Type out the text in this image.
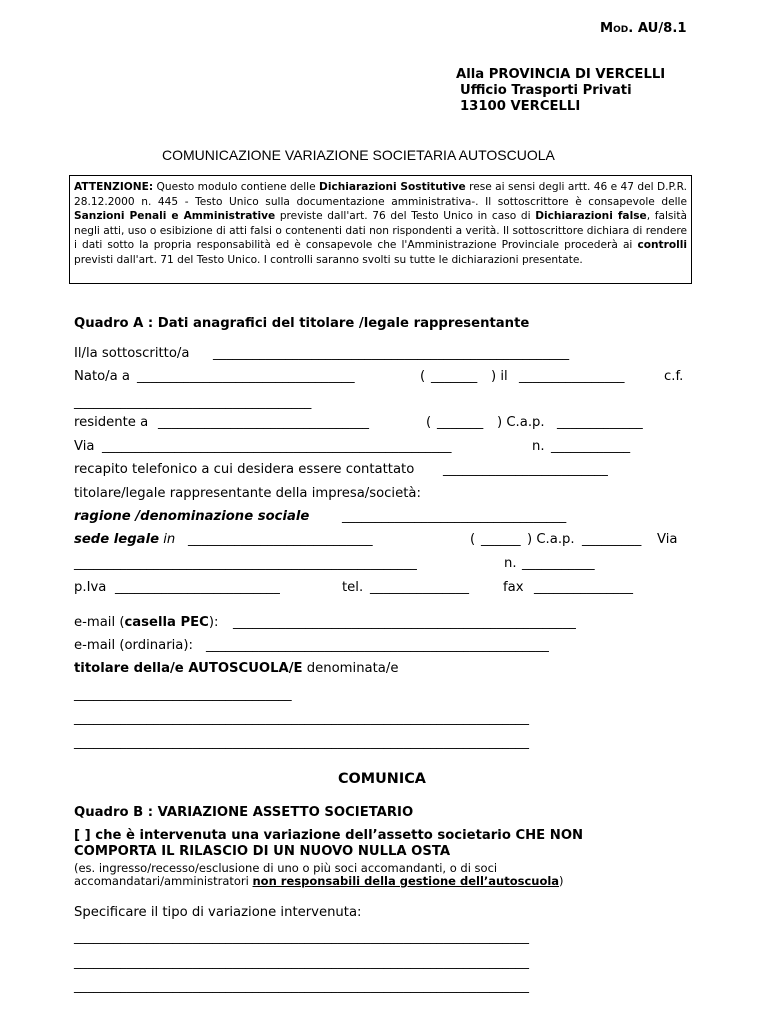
Mod. AU/8.1
Alla PROVINCIA DI VERCELLI
Ufficio Trasporti Privati
13100 VERCELLI
COMUNICAZIONE VARIAZIONE SOCIETARIA AUTOSCUOLA

ATTENZIONE: Questo modulo contiene delle Dichiarazioni Sostitutive rese ai sensi degli artt. 46 e 47 del D.P.R. 28.12.2000 n. 445 - Testo Unico sulla documentazione amministrativa-. Il sottoscrittore è consapevole delle Sanzioni Penali e Amministrative previste dall'art. 76 del Testo Unico in caso di Dichiarazioni false, falsità negli atti, uso o esibizione di atti falsi o contenenti dati non rispondenti a verità. Il sottoscrittore dichiara di rendere i dati sotto la propria responsabilità ed è consapevole che l'Amministrazione Provinciale procederà ai controlli previsti dall'art. 71 del Testo Unico. I controlli saranno svolti su tutte le dichiarazioni presentate.

Quadro A : Dati anagrafici del titolare /legale rappresentante
Il/la sottoscritto/a ______________________________________________________
Nato/a a _________________________________	( _______ ) il ________________	c.f.
____________________________________
residente a ________________________________	( _______ ) C.a.p. _____________
Via _____________________________________________________	n. ____________
recapito telefonico a cui desidera essere contattato _________________________
titolare/legale rappresentante della impresa/società:
ragione /denominazione sociale __________________________________
sede legale in ____________________________	( ______ ) C.a.p. _________ Via
____________________________________________________	n. ___________
p.Iva _________________________	tel. _______________	fax _______________
e-mail (casella PEC): ____________________________________________________
e-mail (ordinaria): ____________________________________________________
titolare della/e AUTOSCUOLA/E denominata/e
_________________________________
_____________________________________________________________________
_____________________________________________________________________
COMUNICA
Quadro B : VARIAZIONE ASSETTO SOCIETARIO
[ ] che è intervenuta una variazione dell’assetto societario CHE NON
COMPORTA IL RILASCIO DI UN NUOVO NULLA OSTA
(es. ingresso/recesso/esclusione di uno o più soci accomandanti, o di soci
accomandatari/amministratori non responsabili della gestione dell’autoscuola)
Specificare il tipo di variazione intervenuta:
_____________________________________________________________________
_____________________________________________________________________
_____________________________________________________________________
